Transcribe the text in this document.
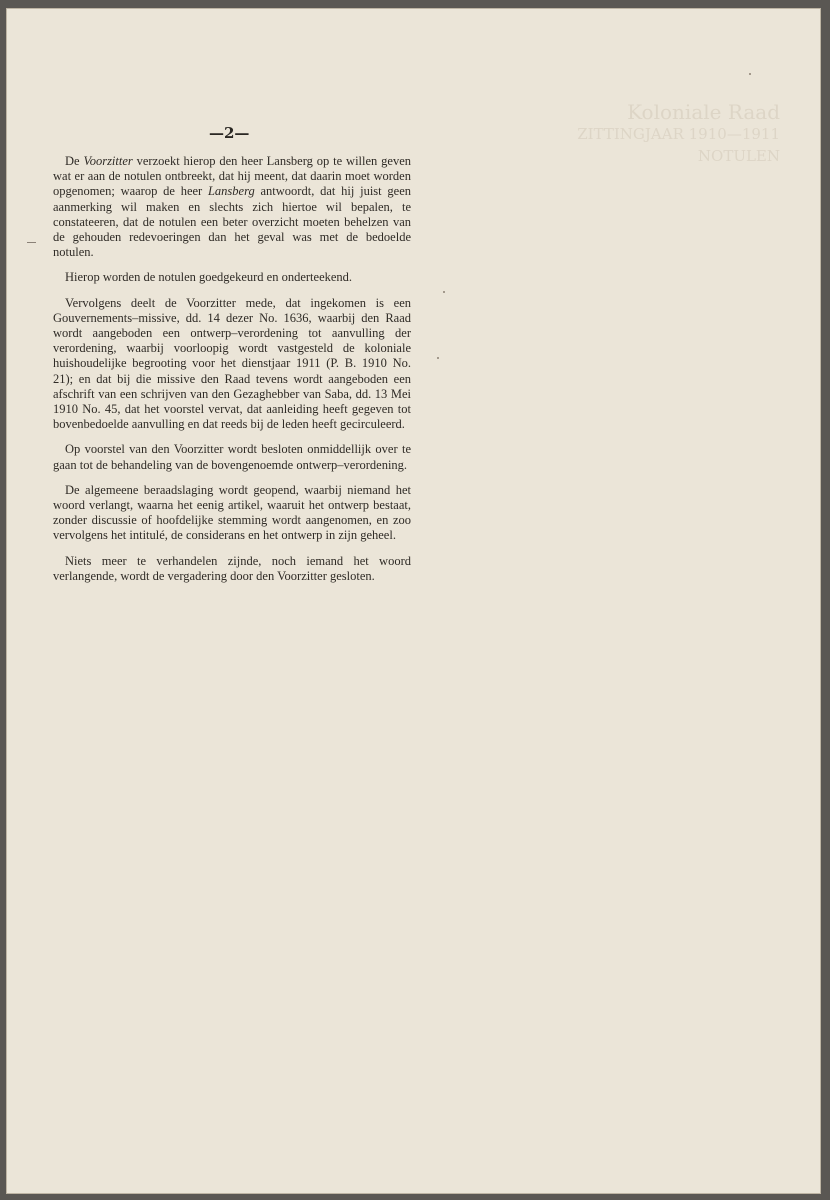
Koloniale Raad
ZITTINGJAAR 1910—1911
NOTULEN
—2—

De Voorzitter verzoekt hierop den heer Lansberg op te willen geven wat er aan de notulen ontbreekt, dat hij meent, dat daarin moet worden opgenomen; waarop de heer Lansberg antwoordt, dat hij juist geen aanmerking wil maken en slechts zich hiertoe wil bepalen, te constateeren, dat de notulen een beter overzicht moeten behelzen van de gehouden redevoeringen dan het geval was met de bedoelde notulen.

Hierop worden de notulen goedgekeurd en onderteekend.

Vervolgens deelt de Voorzitter mede, dat ingekomen is een Gouvernements–missive, dd. 14 dezer No. 1636, waarbij den Raad wordt aangeboden een ontwerp–verordening tot aanvulling der verordening, waarbij voorloopig wordt vastgesteld de koloniale huishoudelijke begrooting voor het dienstjaar 1911 (P. B. 1910 No. 21); en dat bij die missive den Raad tevens wordt aangeboden een afschrift van een schrijven van den Gezaghebber van Saba, dd. 13 Mei 1910 No. 45, dat het voorstel vervat, dat aanleiding heeft gegeven tot bovenbedoelde aanvulling en dat reeds bij de leden heeft gecirculeerd.

Op voorstel van den Voorzitter wordt besloten onmiddellijk over te gaan tot de behandeling van de bovengenoemde ontwerp–verordening.

De algemeene beraadslaging wordt geopend, waarbij niemand het woord verlangt, waarna het eenig artikel, waaruit het ontwerp bestaat, zonder discussie of hoofdelijke stemming wordt aangenomen, en zoo vervolgens het intitulé, de considerans en het ontwerp in zijn geheel.

Niets meer te verhandelen zijnde, noch iemand het woord verlangende, wordt de vergadering door den Voorzitter gesloten.
